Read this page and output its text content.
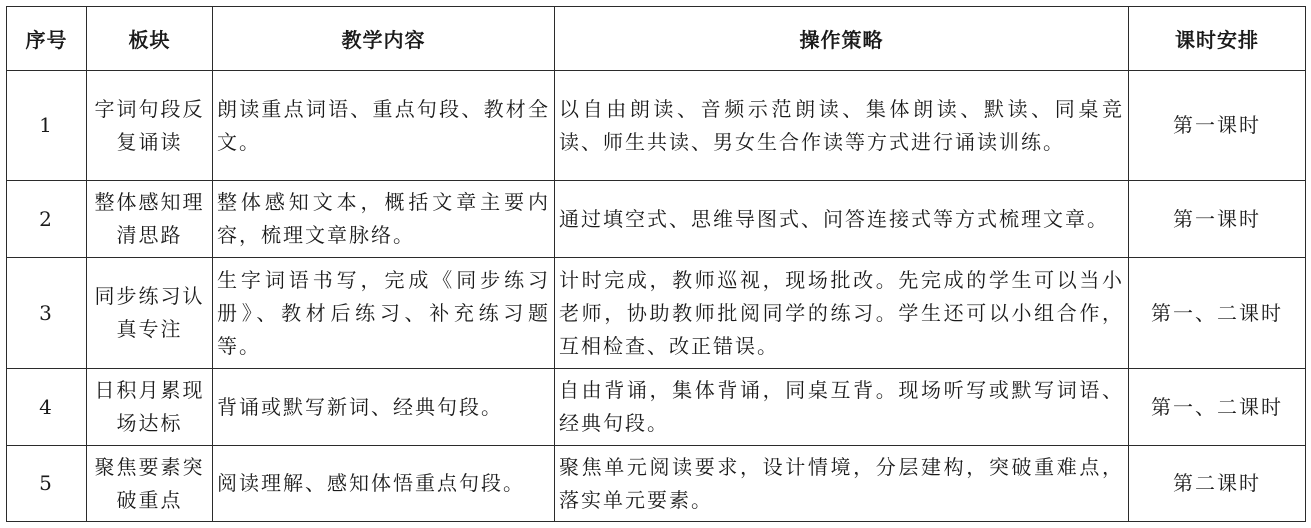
序号	板块	教学内容	操作策略	课时安排
1	字词句段反复诵读	朗读重点词语、重点句段、教材全文。	以自由朗读、音频示范朗读、集体朗读、默读、同桌竞读、师生共读、男女生合作读等方式进行诵读训练。	第一课时
2	整体感知理清思路	整体感知文本，概括文章主要内容，梳理文章脉络。	通过填空式、思维导图式、问答连接式等方式梳理文章。	第一课时
3	同步练习认真专注	生字词语书写，完成《同步练习册》、教材后练习、补充练习题等。	计时完成，教师巡视，现场批改。先完成的学生可以当小老师，协助教师批阅同学的练习。学生还可以小组合作，互相检查、改正错误。	第一、二课时
4	日积月累现场达标	背诵或默写新词、经典句段。	自由背诵，集体背诵，同桌互背。现场听写或默写词语、经典句段。	第一、二课时
5	聚焦要素突破重点	阅读理解、感知体悟重点句段。	聚焦单元阅读要求，设计情境，分层建构，突破重难点，落实单元要素。	第二课时
